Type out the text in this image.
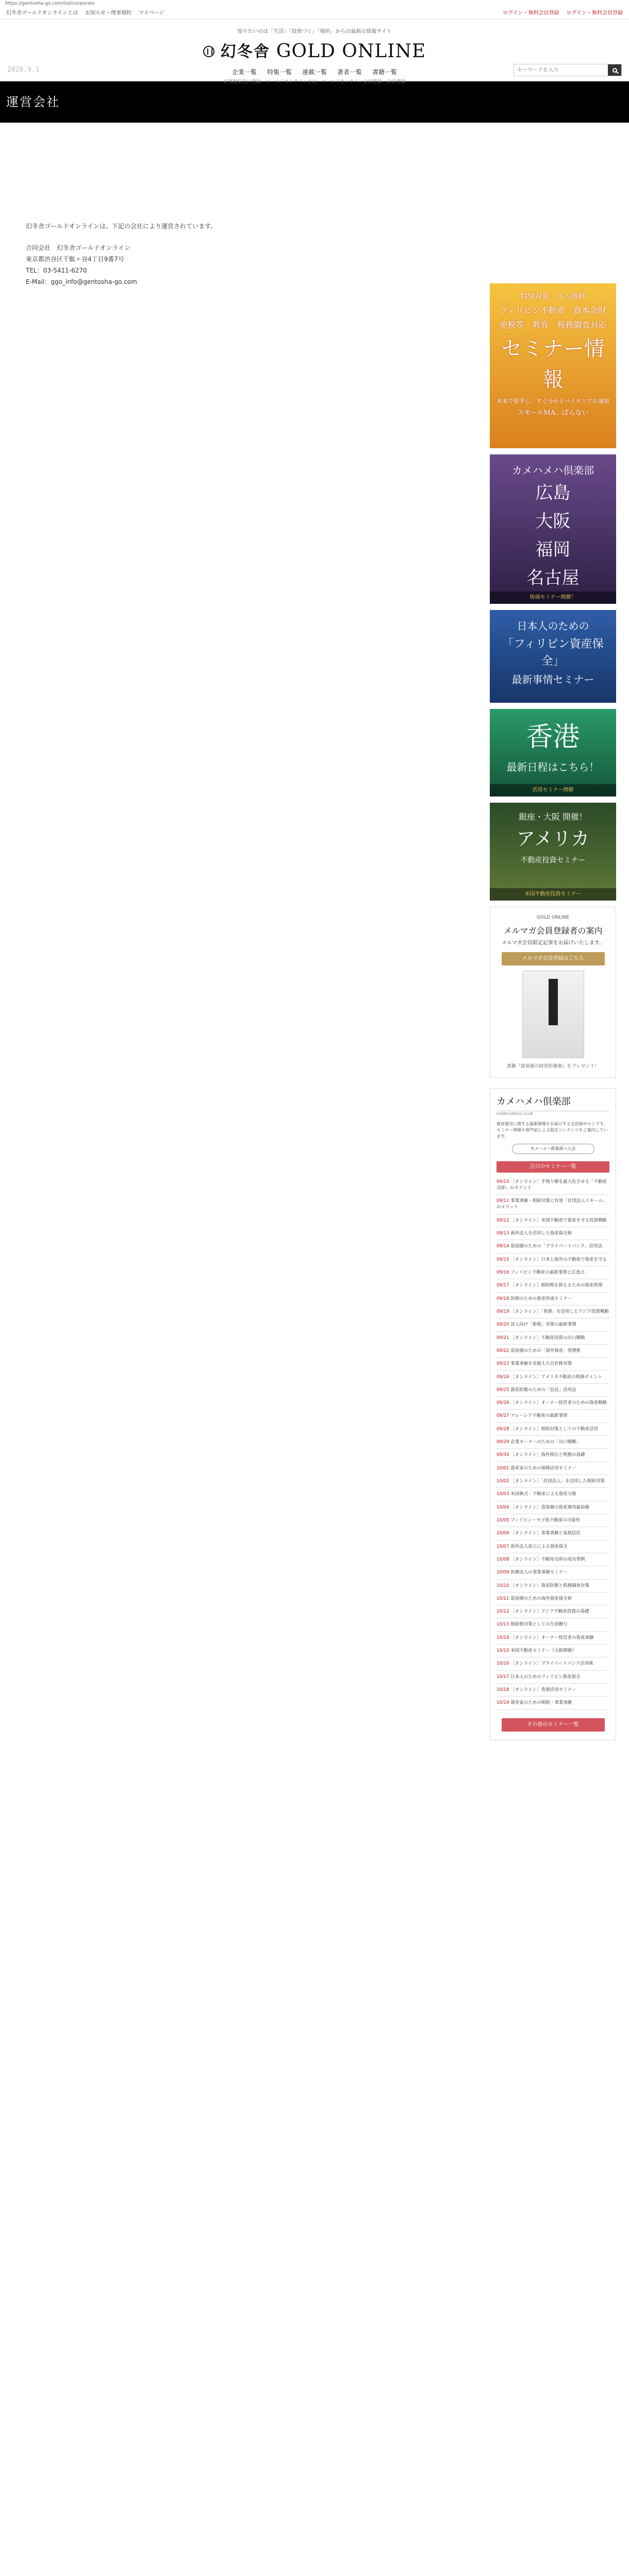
https://gentosha-go.com/list/corporate
幻冬舎ゴールドオンラインとは お知らせ・理事規約 マイページ	ログイン・無料会員登録 ログイン・無料会員登録
知りたいのは「生活」「投資づく」「場所」からの最新の情報サイト
幻冬舎 GOLD ONLINE
企業一覧 特集一覧 連載一覧 著者一覧 書籍一覧
記事配信先に登録 ゴールドオンラインとは ゴールドオンライン会員登録 会員登録
2020.9.1
キーワードを入力
運営会社

幻冬舎ゴールドオンラインは、下記の会社により運営されています。

合同会社　幻冬舎ゴールドオンライン
東京都渋谷区千駄ヶ谷4丁目9番7号
TEL：03-5411-6270
E-Mail：ggo_info@gentosha-go.com
特別対策　注入推移
フィリピン不動産　資本余財
免税等　教育　税務調査対応
セミナー情報
未来で着手し、すぐ分かるパイオニアの通知
スモールMA...ばらない
カメハメハ倶楽部
広島
大阪
福岡
名古屋
街頭セミナー開催！
日本人のための
「フィリピン資産保全」
最新事情セミナー
香港
最新日程はこちら！
活用セミナー開催
銀座・大阪 開催！
アメリカ
不動産投資セミナー
米国不動産投資セミナー
GOLD ONLINE
メルマガ会員登録者の案内
メルマガ会員限定記事をお届けいたします。
メルマガ会員登録はこちら
書籍『富裕層の財産防衛術』をプレゼント！
カメハメハ倶楽部
KAMEHAMEHA CLUB
資産運用に関する最新情報をお届けする会員制サロンです。セミナー情報や専門家による限定コンテンツをご案内しています。
カメハメハ倶楽部へ入会
注目のセミナー一覧
09/10 ［オンライン］手残り額を最大化させる「不動産売却」のポイント
09/11 事業承継・相続対策に有効「社団法人スキーム」のメリット
09/12 ［オンライン］米国不動産で資産を守る投資戦略
09/13 海外法人を活用した資産保全術
09/14 富裕層のための「プライベートバンク」活用法
09/15 ［オンライン］日本と海外の不動産で資産を守る
09/16 フィリピン不動産の最新事情と注意点
09/17 ［オンライン］相続税を抑えるための資産管理
09/18 医師のための資産形成セミナー
09/19 ［オンライン］「香港」を活用したアジア投資戦略
09/20 法人向け「節税」対策の最新事情
09/21 ［オンライン］不動産投資の出口戦略
09/22 富裕層のための「海外資産」管理術
09/23 事業承継を見据えた自社株対策
09/24 ［オンライン］アメリカ不動産の税務ポイント
09/25 資産防衛のための「信託」活用法
09/26 ［オンライン］オーナー経営者のための資産戦略
09/27 マレーシア不動産の最新事情
09/28 ［オンライン］相続対策としての不動産活用
09/29 企業オーナーのための「出口戦略」
09/30 ［オンライン］海外移住と税務の基礎
10/01 資産家のための保険活用セミナー
10/02 ［オンライン］「社団法人」を活用した相続対策
10/03 米国株式・不動産による資産分散
10/04 ［オンライン］富裕層の資産運用最前線
10/05 フィリピン・セブ島不動産の可能性
10/06 ［オンライン］事業承継と家族信託
10/07 海外法人設立による資産保全
10/08 ［オンライン］不動産売却の成功事例
10/09 医療法人の事業承継セミナー
10/10 ［オンライン］資産防衛と税務調査対策
10/11 富裕層のための海外資産保全術
10/12 ［オンライン］アジア不動産投資の基礎
10/13 相続税対策としての生前贈与
10/14 ［オンライン］オーナー経営者の資産承継
10/15 米国不動産セミナー（大阪開催）
10/16 ［オンライン］プライベートバンク活用術
10/17 日本人のためのフィリピン資産保全
10/18 ［オンライン］香港活用セミナー
10/19 資産家のための相続・事業承継
その他のセミナー一覧
